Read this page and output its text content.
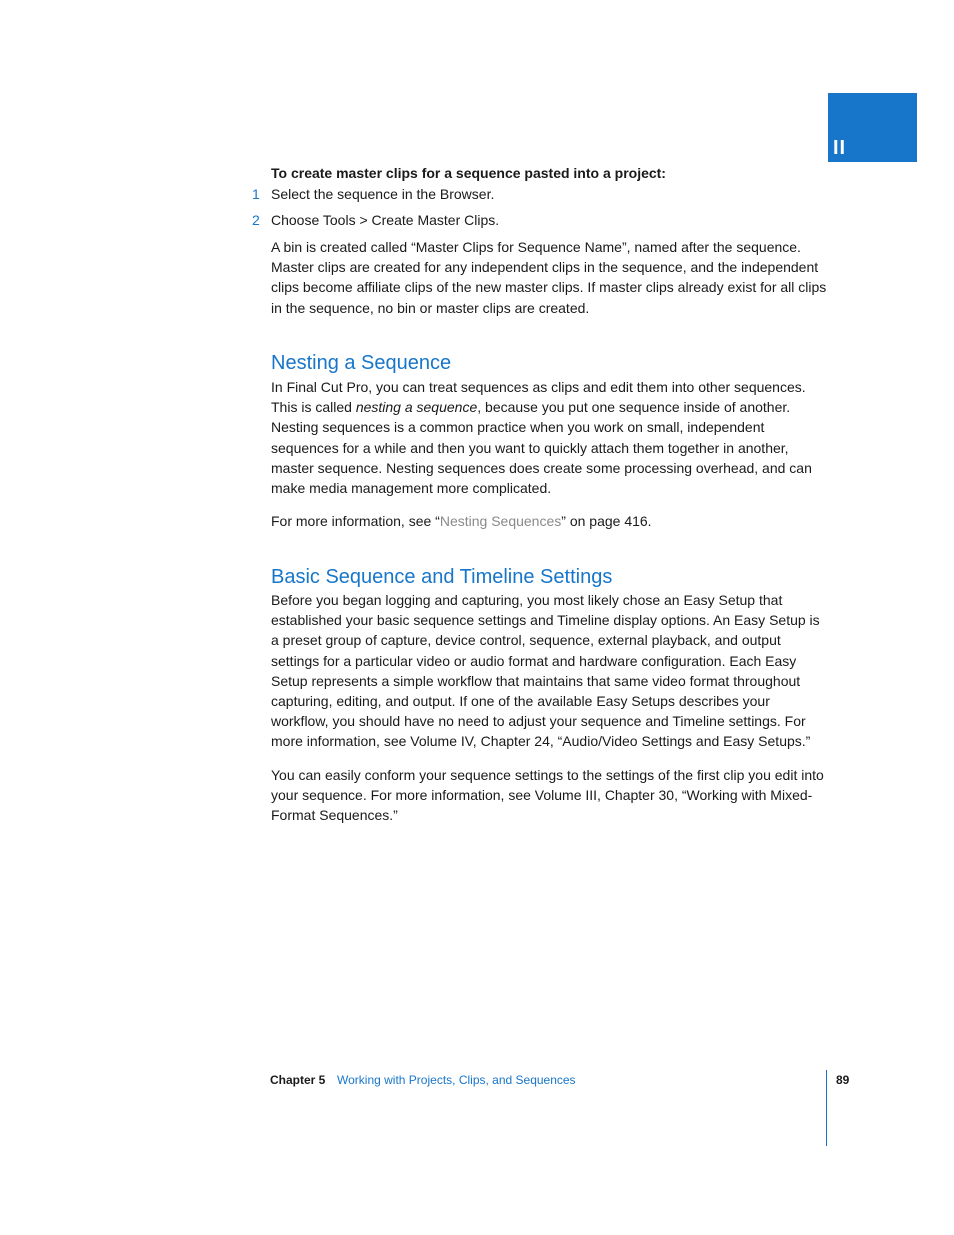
II

To create master clips for a sequence pasted into a project:

1 Select the sequence in the Browser.
2 Choose Tools > Create Master Clips.

A bin is created called “Master Clips for Sequence Name”, named after the sequence. Master clips are created for any independent clips in the sequence, and the independent clips become affiliate clips of the new master clips. If master clips already exist for all clips in the sequence, no bin or master clips are created.

Nesting a Sequence

In Final Cut Pro, you can treat sequences as clips and edit them into other sequences. This is called nesting a sequence, because you put one sequence inside of another. Nesting sequences is a common practice when you work on small, independent sequences for a while and then you want to quickly attach them together in another, master sequence. Nesting sequences does create some processing overhead, and can make media management more complicated.

For more information, see “Nesting Sequences” on page 416.

Basic Sequence and Timeline Settings

Before you began logging and capturing, you most likely chose an Easy Setup that established your basic sequence settings and Timeline display options. An Easy Setup is a preset group of capture, device control, sequence, external playback, and output settings for a particular video or audio format and hardware configuration. Each Easy Setup represents a simple workflow that maintains that same video format throughout capturing, editing, and output. If one of the available Easy Setups describes your workflow, you should have no need to adjust your sequence and Timeline settings. For more information, see Volume IV, Chapter 24, “Audio/Video Settings and Easy Setups.”

You can easily conform your sequence settings to the settings of the first clip you edit into your sequence. For more information, see Volume III, Chapter 30, “Working with Mixed-Format Sequences.”

Chapter 5 Working with Projects, Clips, and Sequences	89
